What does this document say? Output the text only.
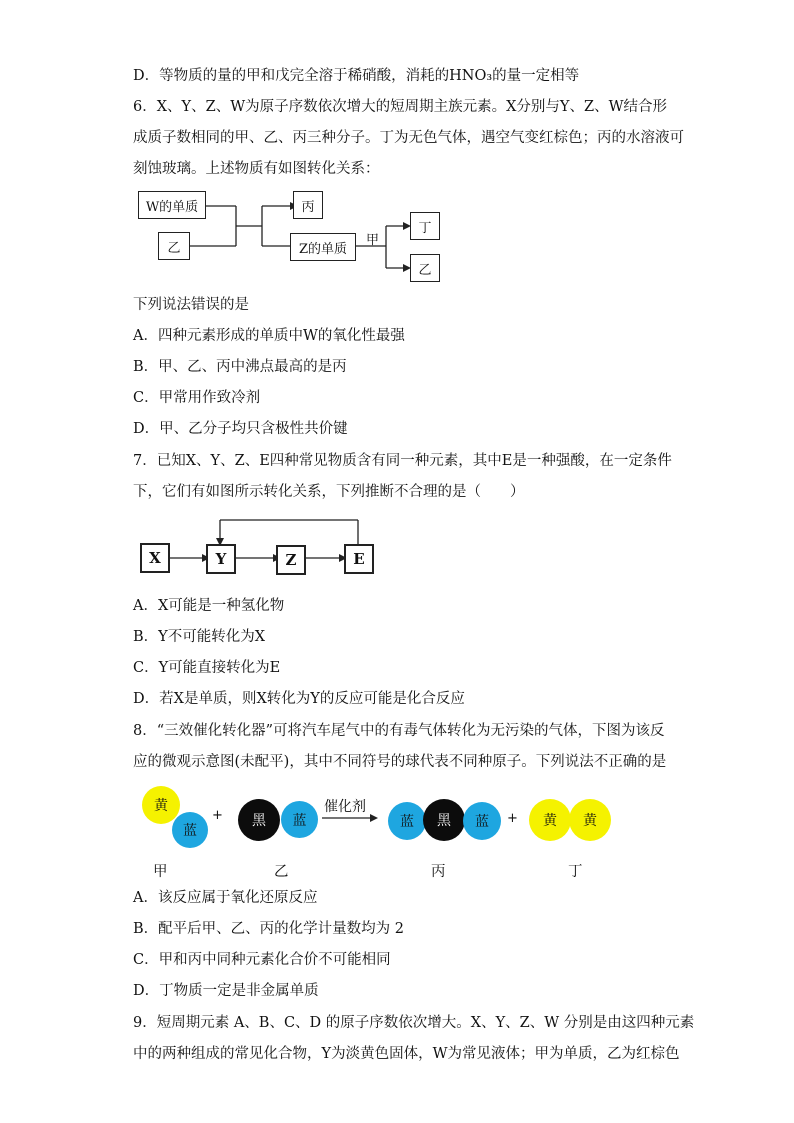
D．等物质的量的甲和戊完全溶于稀硝酸，消耗的HNO₃的量一定相等
6．X、Y、Z、W为原子序数依次增大的短周期主族元素。X分别与Y、Z、W结合形
成质子数相同的甲、乙、丙三种分子。丁为无色气体，遇空气变红棕色；丙的水溶液可
刻蚀玻璃。上述物质有如图转化关系：
W的单质
乙
丙
Z的单质
甲
丁
乙
下列说法错误的是
A．四种元素形成的单质中W的氧化性最强
B．甲、乙、丙中沸点最高的是丙
C．甲常用作致冷剂
D．甲、乙分子均只含极性共价键
7．已知X、Y、Z、E四种常见物质含有同一种元素，其中E是一种强酸，在一定条件
下，它们有如图所示转化关系，下列推断不合理的是（　　）
X	Y	Z	E
A．X可能是一种氢化物
B．Y不可能转化为X
C．Y可能直接转化为E
D．若X是单质，则X转化为Y的反应可能是化合反应
8．“三效催化转化器”可将汽车尾气中的有毒气体转化为无污染的气体，下图为该反
应的微观示意图(未配平)，其中不同符号的球代表不同种原子。下列说法不正确的是
黄
蓝
+	黑	蓝
催化剂
蓝	黑	蓝	+	黄	黄
甲	乙	丙	丁
A．该反应属于氧化还原反应
B．配平后甲、乙、丙的化学计量数均为 2
C．甲和丙中同种元素化合价不可能相同
D．丁物质一定是非金属单质
9．短周期元素 A、B、C、D 的原子序数依次增大。X、Y、Z、W 分别是由这四种元素
中的两种组成的常见化合物，Y为淡黄色固体，W为常见液体；甲为单质，乙为红棕色
